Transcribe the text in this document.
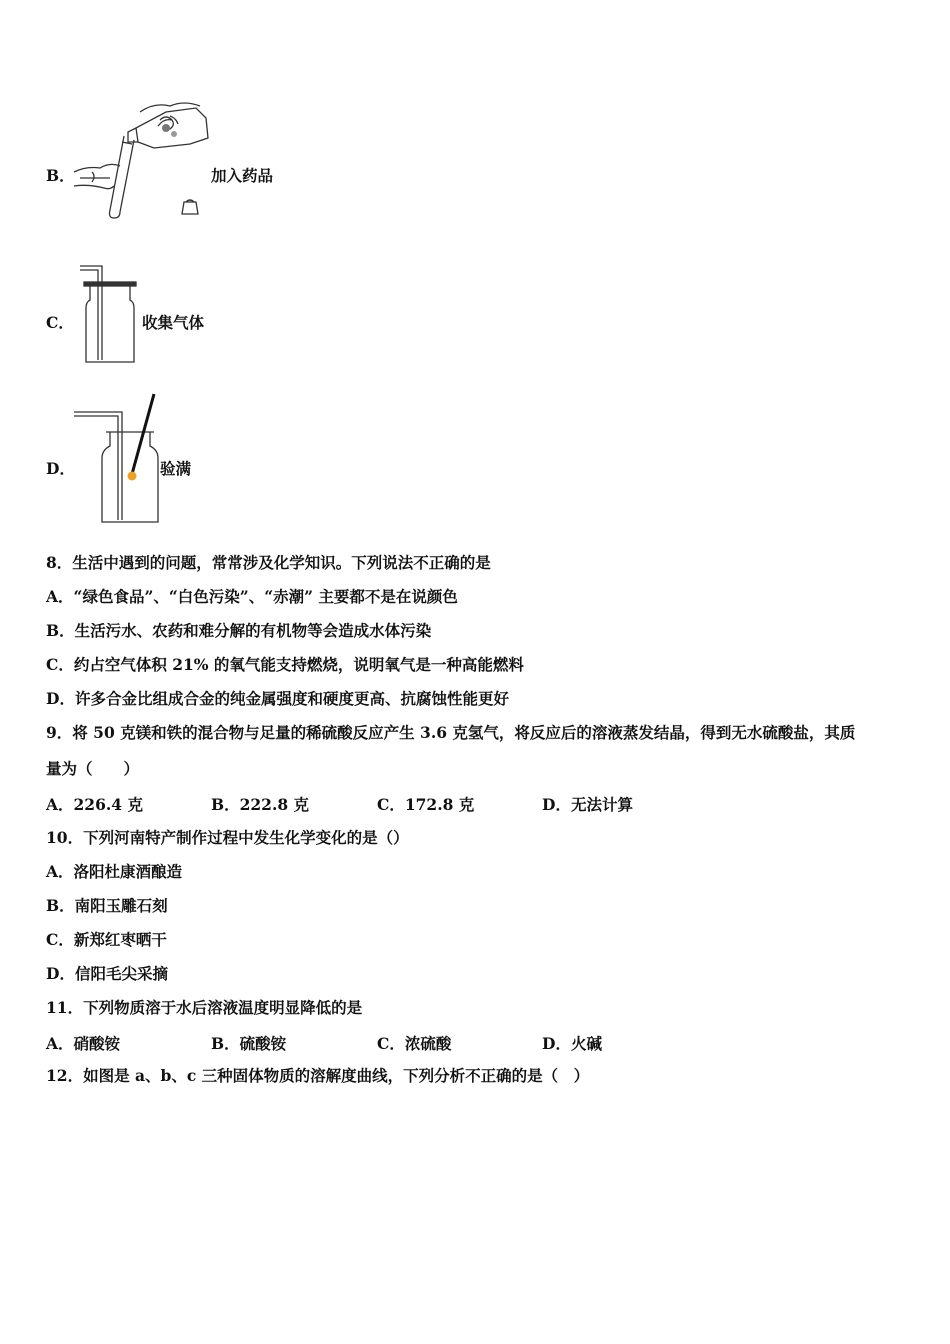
B．	加入药品
C．	收集气体
D．	验满
8．生活中遇到的问题，常常涉及化学知识。下列说法不正确的是
A．“绿色食品”、“白色污染”、“赤潮” 主要都不是在说颜色
B．生活污水、农药和难分解的有机物等会造成水体污染
C．约占空气体积 21% 的氧气能支持燃烧，说明氧气是一种高能燃料
D．许多合金比组成合金的纯金属强度和硬度更高、抗腐蚀性能更好
9．将 50 克镁和铁的混合物与足量的稀硫酸反应产生 3.6 克氢气，将反应后的溶液蒸发结晶，得到无水硫酸盐，其质
量为（　　）
A．226.4 克	B．222.8 克	C．172.8 克	D．无法计算
10．下列河南特产制作过程中发生化学变化的是（）
A．洛阳杜康酒酿造
B．南阳玉雕石刻
C．新郑红枣晒干
D．信阳毛尖采摘
11．下列物质溶于水后溶液温度明显降低的是
A．硝酸铵	B．硫酸铵	C．浓硫酸	D．火碱
12．如图是 a、b、c 三种固体物质的溶解度曲线，下列分析不正确的是（　）
